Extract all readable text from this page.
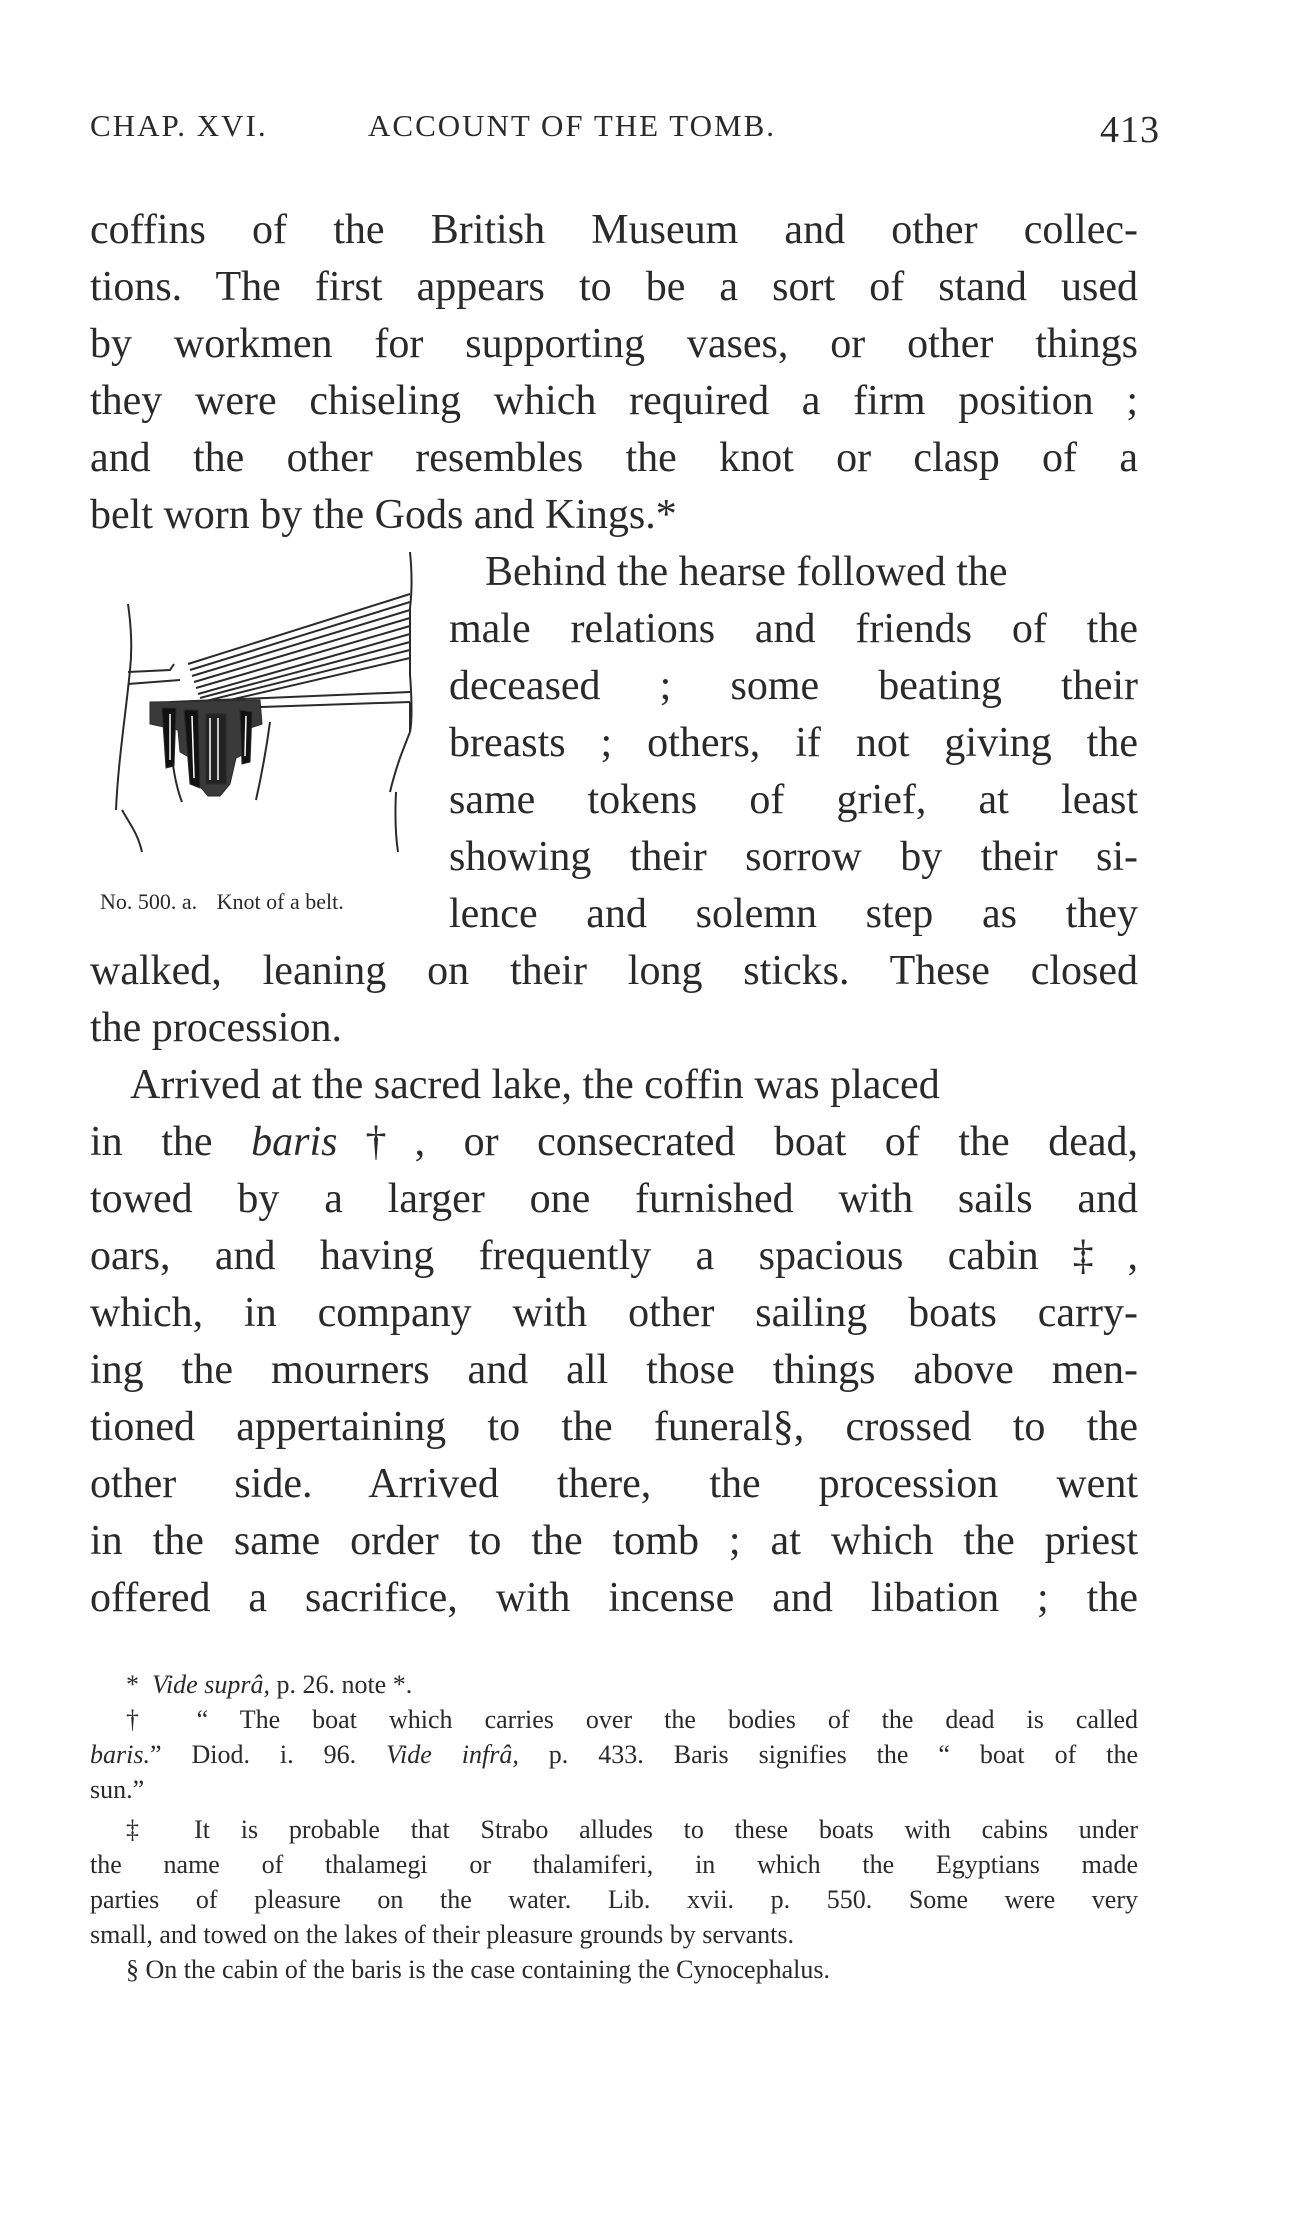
CHAP. XVI.	ACCOUNT OF THE TOMB.	413
coffins of the British Museum and other collec-
tions. The first appears to be a sort of stand used
by workmen for supporting vases, or other things
they were chiseling which required a firm position ;
and the other resembles the knot or clasp of a
belt worn by the Gods and Kings.*
Behind the hearse followed the
male relations and friends of the
deceased ; some beating their
breasts ; others, if not giving the
same tokens of grief, at least
showing their sorrow by their si-
lence and solemn step as they
No. 500. a. Knot of a belt.
walked, leaning on their long sticks. These closed
the procession.
Arrived at the sacred lake, the coffin was placed
in the baris†, or consecrated boat of the dead,
towed by a larger one furnished with sails and
oars, and having frequently a spacious cabin‡,
which, in company with other sailing boats carry-
ing the mourners and all those things above men-
tioned appertaining to the funeral§, crossed to the
other side. Arrived there, the procession went
in the same order to the tomb ; at which the priest
offered a sacrifice, with incense and libation ; the
* Vide suprâ, p. 26. note *.
† “ The boat which carries over the bodies of the dead is called
baris.” Diod. i. 96. Vide infrâ, p. 433. Baris signifies the “ boat of the
sun.”
‡ It is probable that Strabo alludes to these boats with cabins under
the name of thalamegi or thalamiferi, in which the Egyptians made
parties of pleasure on the water. Lib. xvii. p. 550. Some were very
small, and towed on the lakes of their pleasure grounds by servants.
§ On the cabin of the baris is the case containing the Cynocephalus.
